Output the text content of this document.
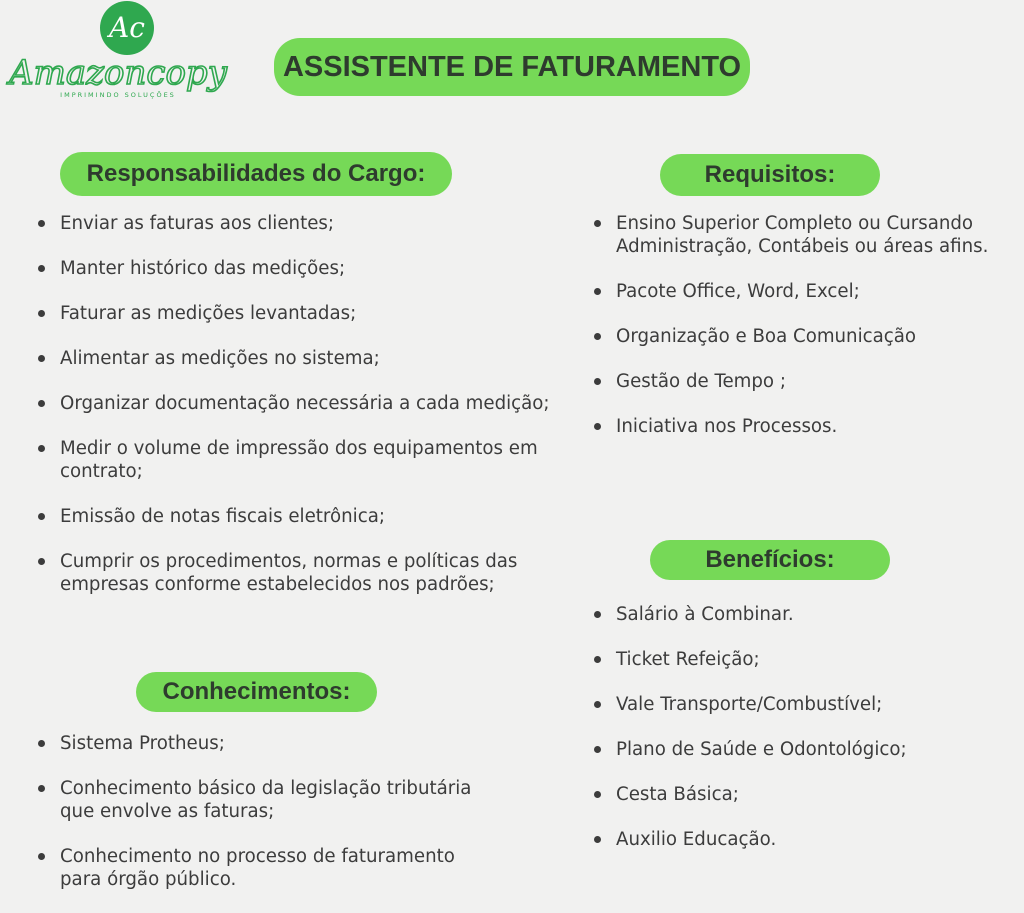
Ac
Amazoncopy
IMPRIMINDO SOLUÇÕES
ASSISTENTE DE FATURAMENTO
Responsabilidades do Cargo:
Enviar as faturas aos clientes;
Manter histórico das medições;
Faturar as medições levantadas;
Alimentar as medições no sistema;
Organizar documentação necessária a cada medição;
Medir o volume de impressão dos equipamentos em contrato;
Emissão de notas fiscais eletrônica;
Cumprir os procedimentos, normas e políticas das empresas conforme estabelecidos nos padrões;
Conhecimentos:
Sistema Protheus;
Conhecimento básico da legislação tributária que envolve as faturas;
Conhecimento no processo de faturamento para órgão público.
Requisitos:
Ensino Superior Completo ou Cursando Administração, Contábeis ou áreas afins.
Pacote Office, Word, Excel;
Organização e Boa Comunicação
Gestão de Tempo ;
Iniciativa nos Processos.
Benefícios:
Salário à Combinar.
Ticket Refeição;
Vale Transporte/Combustível;
Plano de Saúde e Odontológico;
Cesta Básica;
Auxilio Educação.
